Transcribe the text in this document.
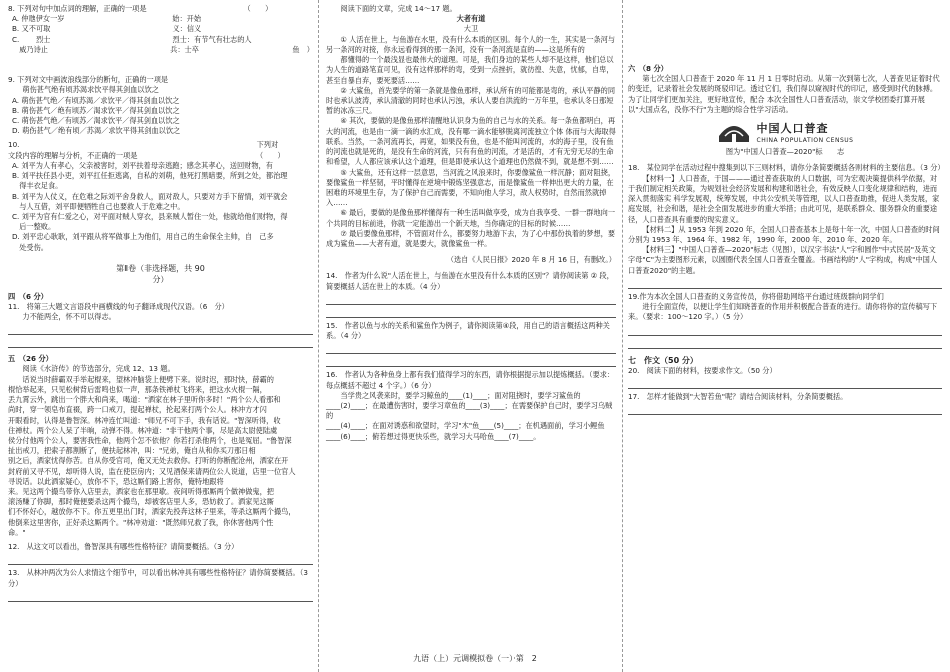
8. 下列对句中加点词的理解，正确的一项是　　　　　　　　　　　　　　（　　）

A. 仲虺伊女一岁　　　　　　　　　　　　　　　始：开始

B. 又不可取　　　　　　　　　　　　　　　　　义：信义

C. 　　烈士　　　　　　　　　　　　　　　　　烈士：有节气有壮志的人

　威乃诗止　　　　　　　　　　　　　　　　　兵：士卒　　　　　　　　　　　　　鱼　）

9. 下列对文中画波浪线部分的断句，正确的一项是

萌伤甚气绝有顷苏渴求饮平得其剑血以饮之

A. 萌伤甚气绝／有顷苏渴／求饮平／得其剑血以饮之

B. 萌伤甚气／绝有顷苏／渴求饮平／得其剑血以饮之

C. 萌伤甚气绝／有顷苏／渴求饮平／得其剑血以饮之

D. 萌伤甚气／绝有顷／苏渴／求饮平得其剑血以饮之

10.　　　　　　　　　　　　　　　　　　　　　　　　　　　　　　　　　下列对

文段内容的理解与分析，不正确的一项是　　　　　　　　　　　　　　　　　（　　）

A. 刘平为人有孝心，父亲被害时，刘平扶着母亲逃跑；感念其孝心，送回财物，有

B. 刘平扶任县小吏，刘平扛任拒逃离，自私的刘萌，他死打黑暗要，所到之处，都治理

　得丰衣足食。

B. 刘平为人仗义，在危难之际刘平舍身救人，面对敌人，只要对方手下留情，刘平就会

　与人互借，刘平即便牺牲自己也要救人于危难之中。

C. 刘平为官有仁爱之心，对平面对贼人穿衣，县来贼人暂住一处，他就给他们财物，得

　后一整败。

D. 刘平忠心耿耿，刘平跟从将军做事上为他们，用自己的生命保全主帅，自　己多

　处受伤。

第Ⅱ卷（非选择题，共 90

分）

四　（6 分）

11.　将第三大题文言语段中画横线的句子翻译成现代汉语。（6　分）

力不能两全，怀不可以得志。

五　（26 分）

阅读《水浒传》的节选部分，完成 12、13 题。

话说当时薛霸双手举起棍来，望林冲脑袋上便劈下来。说时迟，那时快，薛霸的

棍恰举起来，只见松树背后雷鸣也似一声，那条铁禅杖飞将来，把这水火棍一隔，

丢九霄云外，跳出一个胖大和尚来，喝道："洒家在林子里听你多时！"两个公人看那和

尚时，穿一领皂布直裰，跨一口戒刀，提起禅杖，抡起来打两个公人。林冲方才闪

开眼看时，认得是鲁智深。林冲连忙叫道："师兄不可下手，我有话说。"智深听得，收

住禅杖。两个公人呆了半晌，动弹不得。林冲道："非干他两个事，尽是高太尉使陆虞

侯分付他两个公人，要害我性命，他两个怎不依他？你若打杀他两个，也是冤屈。"鲁智深

扯出戒刀，把索子都割断了，便扶起林冲，叫："兄弟，俺自从和你买刀那日相

别之后，洒家忧得你苦。自从你受官司，俺又无处去救你。打听的你断配沧州，洒家在开

封府前又寻不见，却听得人说，监在使臣房内；又见酒保来请两位公人说道，店里一位官人

寻说话。以此洒家疑心，放你不下，恐这厮们路上害你，俺特地跟将

来。见这两个撮鸟带你入店里去，洒家也在那里歇。夜间听得那厮两个做神做鬼，把

滚汤赚了你脚，那时俺便要杀这两个撮鸟，却被客店里人多，恐妨救了。洒家见这厮

们不怀好心，越放你不下。你五更里出门时，洒家先投奔这林子里来，等杀这厮两个撮鸟，

他倒来这里害你，正好杀这厮两个。"林冲劝道："既然师兄救了我，你休害他两个性

命。"

12.　从这文可以看出，鲁智深具有哪些性格特征？请简要概括。（3 分）

13.　从林冲两次为公人求情这个细节中，可以看出林冲具有哪些性格特征？请你简要概括。（3　分）

阅读下面的文章，完成 14～17 题。

大者有道

大卫

① 人活在世上，与鱼游在水里，没有什么本质的区别。每个人的一生，其实是一条河与另一条河的对接，你永远看得到的那一条河，没有一条河流是直的——这是所有的

都懂得的一个最浅显也最伟大的道理。可是，我们身边的某些人却不是这样，他们总以为人生的道路笔直可见，没有这样那样的弯，受到一点挫折，就彷徨、失意，忧郁，自卑，甚至自暴自弃，要死要活……

② 大鲨鱼，首先要学的第一条就是像鱼那样，承认所有的可能都是弯的，承认平静的同时也承认波涛，承认清澈的同时也承认污浊，承认人要自洪流的一万年里，也承认冬日那短暂的冰冻三尺。

④ 其次，要做的是像鱼那样清醒地认识身为鱼的自己与水的关系。每一条鱼都明白，再大的河流，也是由一滴一滴的水汇成，没有哪一滴水能够脱离河流独立个体 体而与大海取得联系。当然，一条河流再长，再宽，如果没有鱼，也是不能叫河流的，水的海子里，没有鱼的河流也就是死的，是没有生命的河流，只有有鱼的河流，才是活的，才有无穷无尽的生命和希望，人人都应该承认这个道理，但是即使承认这个道理也仍然做不到，就是想不到……

⑤ 大鲨鱼，还有这样一层意思，当河流之风浪来时，你要像鲨鱼一样沉静；面对阻挠，要像鲨鱼一样坚韧，平时懂得在逆境中锻炼坚强意志，而是像鲨鱼一样伸出更大的力量，在困难的环境里生存，为了保护自己而需要，不知向他人学习，敌人权势时，自然而然就掉入……

⑥ 最后，要做的是像鱼那样懂得有一种生活叫做享受，成为自我享受、一群一群地向一个共同的目标前进，你就一定能游出一个新天地，当你确定的目标的时候……

⑦ 最后要像鱼那样，不管面对什么，都要努力地游下去，为了心中那份执着的梦想，要成为鲨鱼——大者有道，就是要大，就像鲨鱼一样。

（选自《人民日报》2020 年 8 月 16 日，有删改。）

14.　作者为什么说"人活在世上，与鱼游在水里没有什么本质的区别"？请你阅读第 ② 段，简要概括人活在世上的本质。（4 分）

15.　作者以鱼与水的关系和鲨鱼作为例子，请你阅读第④段，用自己的语言概括这两种关系。（4 分）

16.　作者认为各种鱼身上都有我们值得学习的东西，请你根据提示加以提炼概括。（要求：每点概括不超过 4 个字。）（6 分）

当学贵之风袭来时，要学习鲸鱼的____(1)____；面对阻挠时，要学习鲨鱼的____(2)____；在最遭伤害时，要学习章鱼的____(3)____；在需要保护自己时，要学习乌贼的

____(4)____；在面对诱惑和欲望时，学习"木"鱼____(5)____；在机遇面前，学习小鲤鱼____(6)____；俯若想过得更快乐些，就学习大马哈鱼____(7)____。

六　（8 分）

第七次全国人口普查于 2020 年 11 月 1 日零时启动。从第一次到第七次，人普查见证着时代的变迁，记录着社会发展的斑驳印记。透过它们，我们得以窥视时代的印记，感受到时代的脉搏。为了让同学们更加关注，更好地宣传，配合 本次全国性人口普查活动，崇文学校团委打算开展以"大国点名，没你不行"为主题的综合性学习活动。

中国人口普查
CHINA POPULATION CENSUS

图为"中国人口普查—2020"标　　志

18.　某位同学在活动过程中搜集到以下三则材料，请你分条简要概括各则材料的主要信息。（3 分）

【材料一】人口普查，于国———通过普查获取的人口数据，可为宏观决策提供科学依据，对于我们制定相关政策，为规划社会经济发展和构建和谐社会，有效反映人口变化规律和结构，进而深入贯彻落实 科学发展观，统筹发展，中共公安机关等管理，以人口普查助推，促进人类发展，家庭发展，社会和谐，是社会全面发展进步的重大举措；由此可见，是联系群众、服务群众的重要途径，人口普查具有重要的现实意义。

【材料二】从 1953 年到 2020 年，全国人口普查基本上是每十年一次，中国人口普查的时间分别为 1953 年、1964 年、1982 年，1990 年，2000 年、2010 年、2020 年。

【材料三】"中国人口普查—2020"标志（见图），以汉字书法"人"字和圆作"中式民居"及英文字母"C"为主要图形元素，以圆圈代表全国人口普查全覆盖。书画结构的"人"字构成，构成"中国人口普查2020"的主题。

19.作为本次全国人口普查的义务宣传员，你将借助网络平台通过班级群向同学们

进行全面宣传，以便让学生们知晓普查的作用并积极配合普查的进行。请你将你的宣传稿写下来。（要求：100～120 字。）（5 分）

七　作文（50 分）

20.　阅读下面的材料，按要求作文。（50 分）

17.　怎样才能做到"大智若鱼"呢？请结合阅读材料，分条简要概括。

九语（上）元调模拟卷（一）·第　2
